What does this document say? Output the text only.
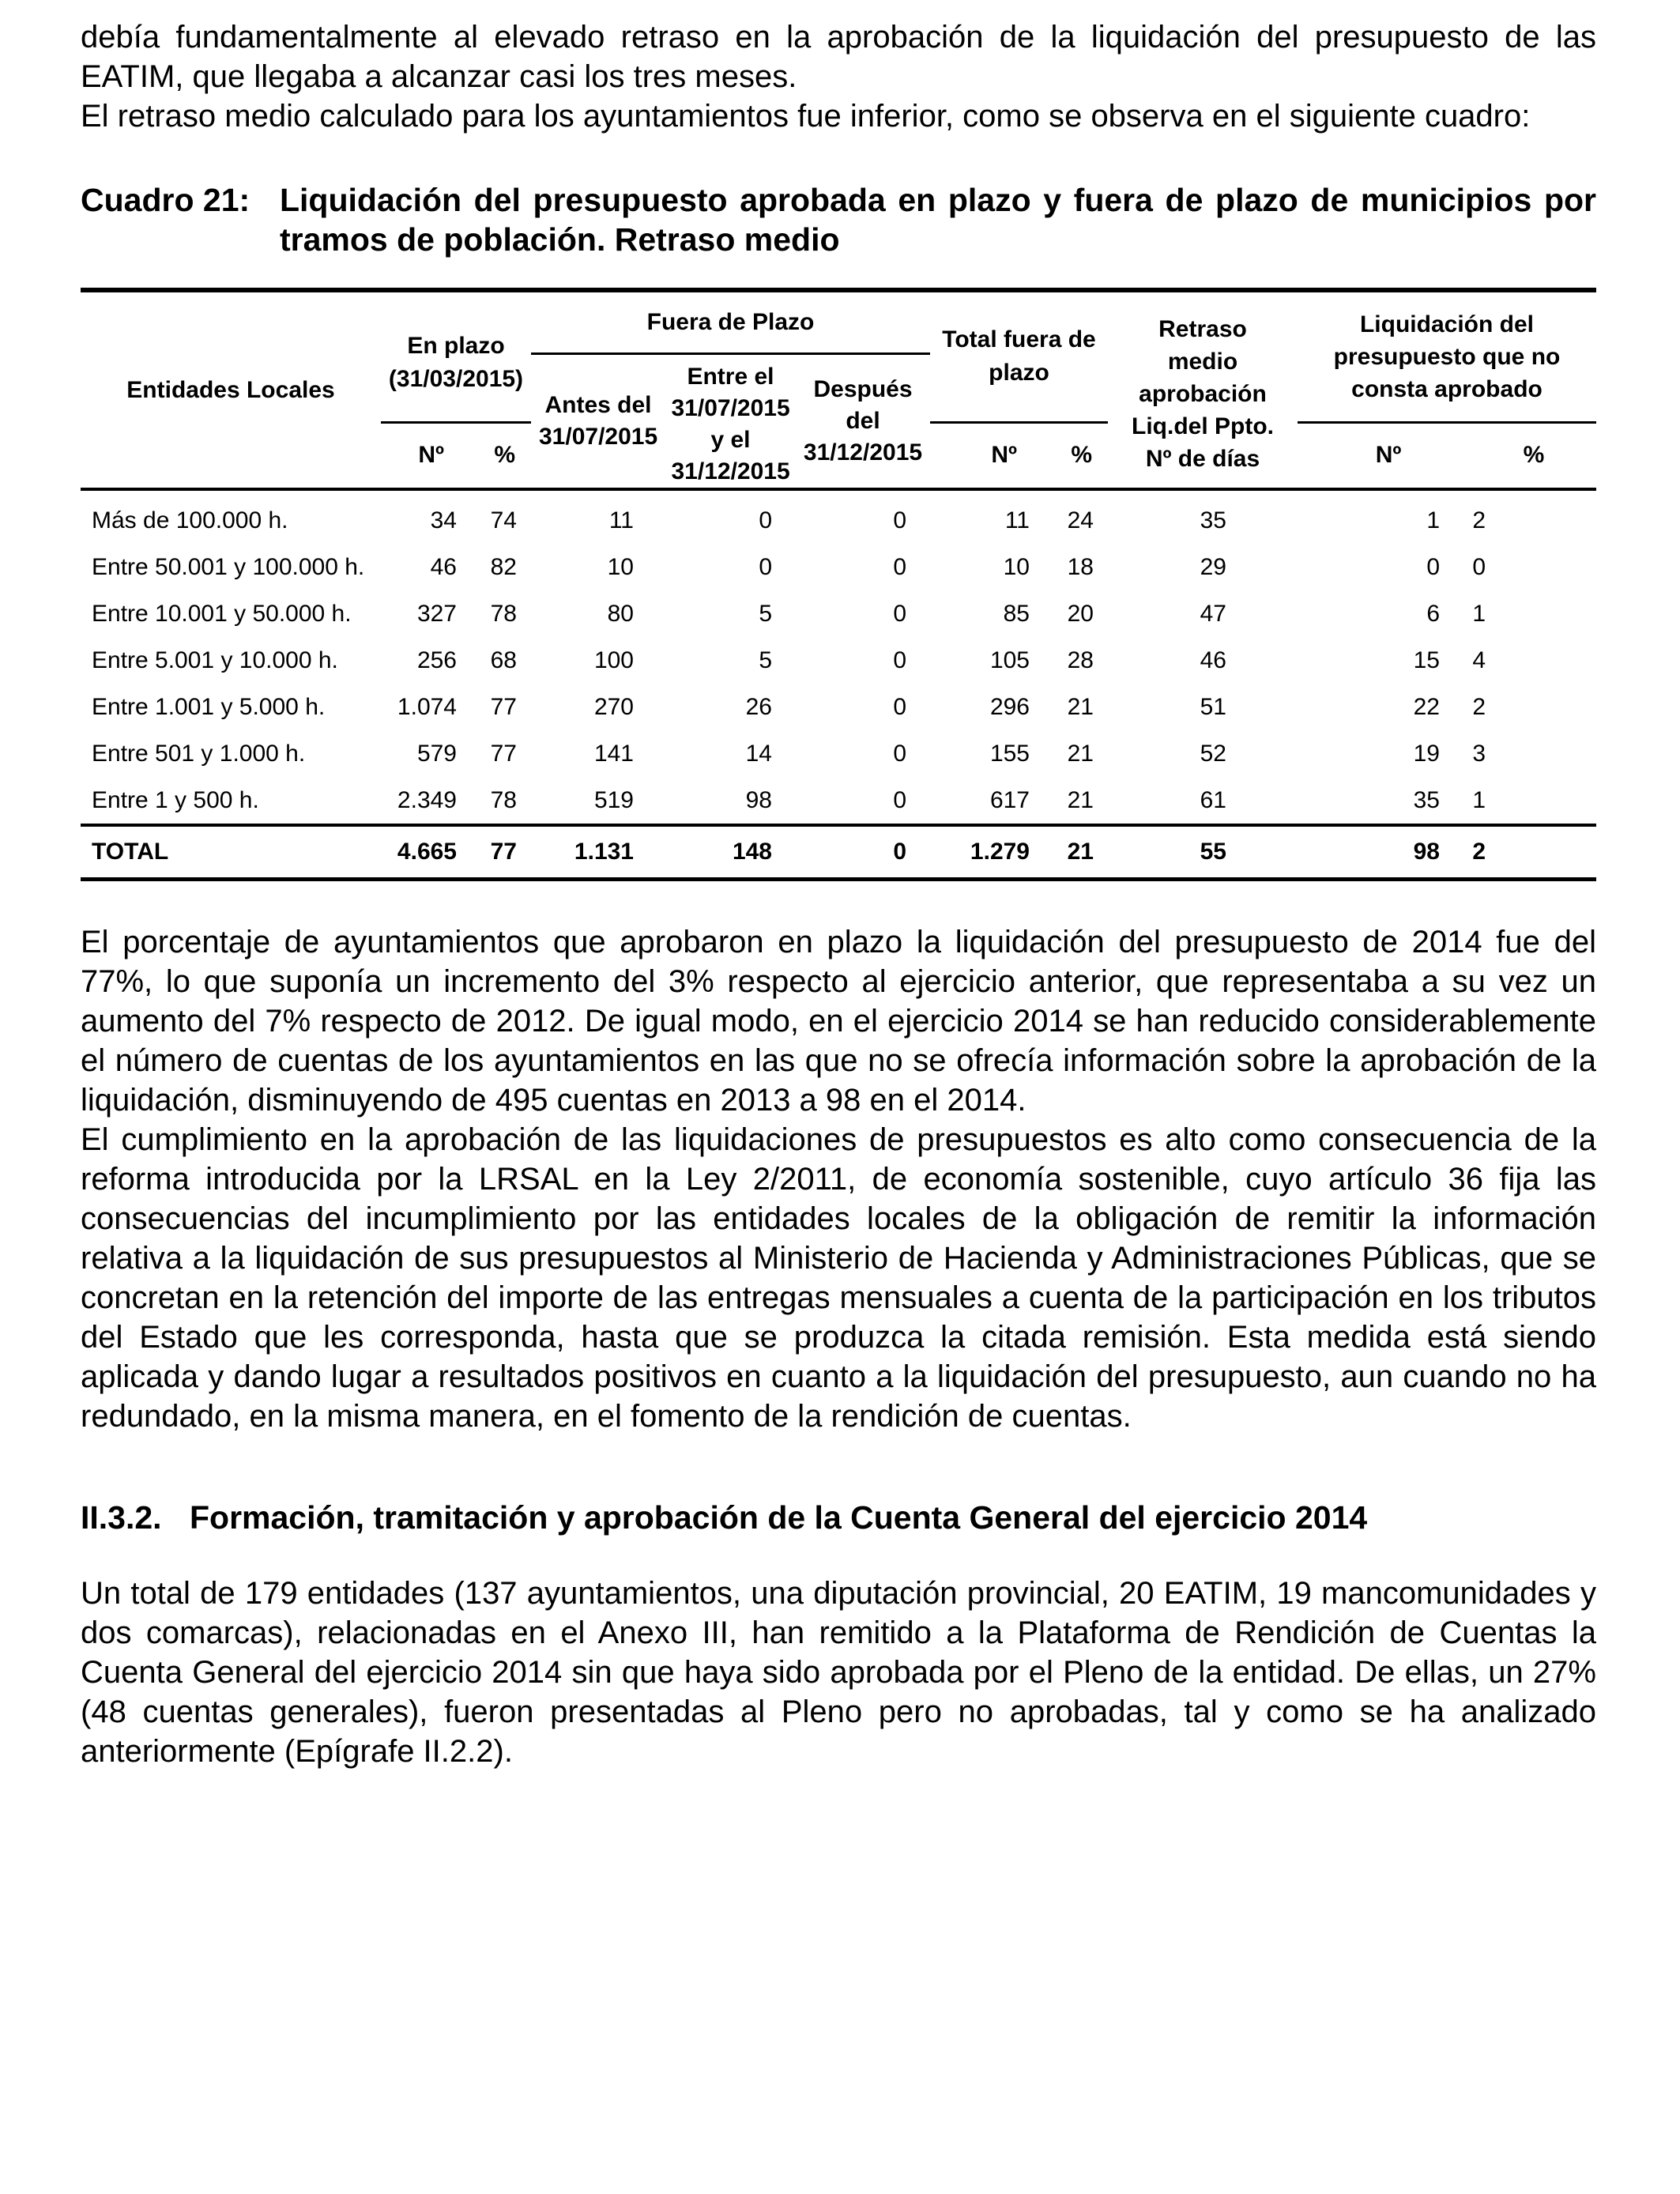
debía fundamentalmente al elevado retraso en la aprobación de la liquidación del presupuesto de las EATIM, que llegaba a alcanzar casi los tres meses.

El retraso medio calculado para los ayuntamientos fue inferior, como se observa en el siguiente cuadro:

Cuadro 21: Liquidación del presupuesto aprobada en plazo y fuera de plazo de municipios por tramos de población. Retraso medio
Entidades Locales	En plazo (31/03/2015)		Fuera de Plazo			Total fuera de plazo		Retraso medio aprobación Liq.del Ppto. Nº de días	Liquidación del presupuesto que no consta aprobado	

			Antes del 31/07/2015	Entre el 31/07/2015 y el 31/12/2015	Después del 31/12/2015					

	Nº	%				Nº	%		Nº	%
Más de 100.000 h.	34	74	11	0	0	11	24	35	1	2
Entre 50.001 y 100.000 h.	46	82	10	0	0	10	18	29	0	0
Entre 10.001 y 50.000 h.	327	78	80	5	0	85	20	47	6	1
Entre 5.001 y 10.000 h.	256	68	100	5	0	105	28	46	15	4
Entre 1.001 y 5.000 h.	1.074	77	270	26	0	296	21	51	22	2
Entre 501 y 1.000 h.	579	77	141	14	0	155	21	52	19	3
Entre 1 y 500 h.	2.349	78	519	98	0	617	21	61	35	1
TOTAL	4.665	77	1.131	148	0	1.279	21	55	98	2

El porcentaje de ayuntamientos que aprobaron en plazo la liquidación del presupuesto de 2014 fue del 77%, lo que suponía un incremento del 3% respecto al ejercicio anterior, que representaba a su vez un aumento del 7% respecto de 2012. De igual modo, en el ejercicio 2014 se han reducido considerablemente el número de cuentas de los ayuntamientos en las que no se ofrecía información sobre la aprobación de la liquidación, disminuyendo de 495 cuentas en 2013 a 98 en el 2014.

El cumplimiento en la aprobación de las liquidaciones de presupuestos es alto como consecuencia de la reforma introducida por la LRSAL en la Ley 2/2011, de economía sostenible, cuyo artículo 36 fija las consecuencias del incumplimiento por las entidades locales de la obligación de remitir la información relativa a la liquidación de sus presupuestos al Ministerio de Hacienda y Administraciones Públicas, que se concretan en la retención del importe de las entregas mensuales a cuenta de la participación en los tributos del Estado que les corresponda, hasta que se produzca la citada remisión. Esta medida está siendo aplicada y dando lugar a resultados positivos en cuanto a la liquidación del presupuesto, aun cuando no ha redundado, en la misma manera, en el fomento de la rendición de cuentas.

II.3.2. Formación, tramitación y aprobación de la Cuenta General del ejercicio 2014

Un total de 179 entidades (137 ayuntamientos, una diputación provincial, 20 EATIM, 19 mancomunidades y dos comarcas), relacionadas en el Anexo III, han remitido a la Plataforma de Rendición de Cuentas la Cuenta General del ejercicio 2014 sin que haya sido aprobada por el Pleno de la entidad. De ellas, un 27% (48 cuentas generales), fueron presentadas al Pleno pero no aprobadas, tal y como se ha analizado anteriormente (Epígrafe II.2.2).
